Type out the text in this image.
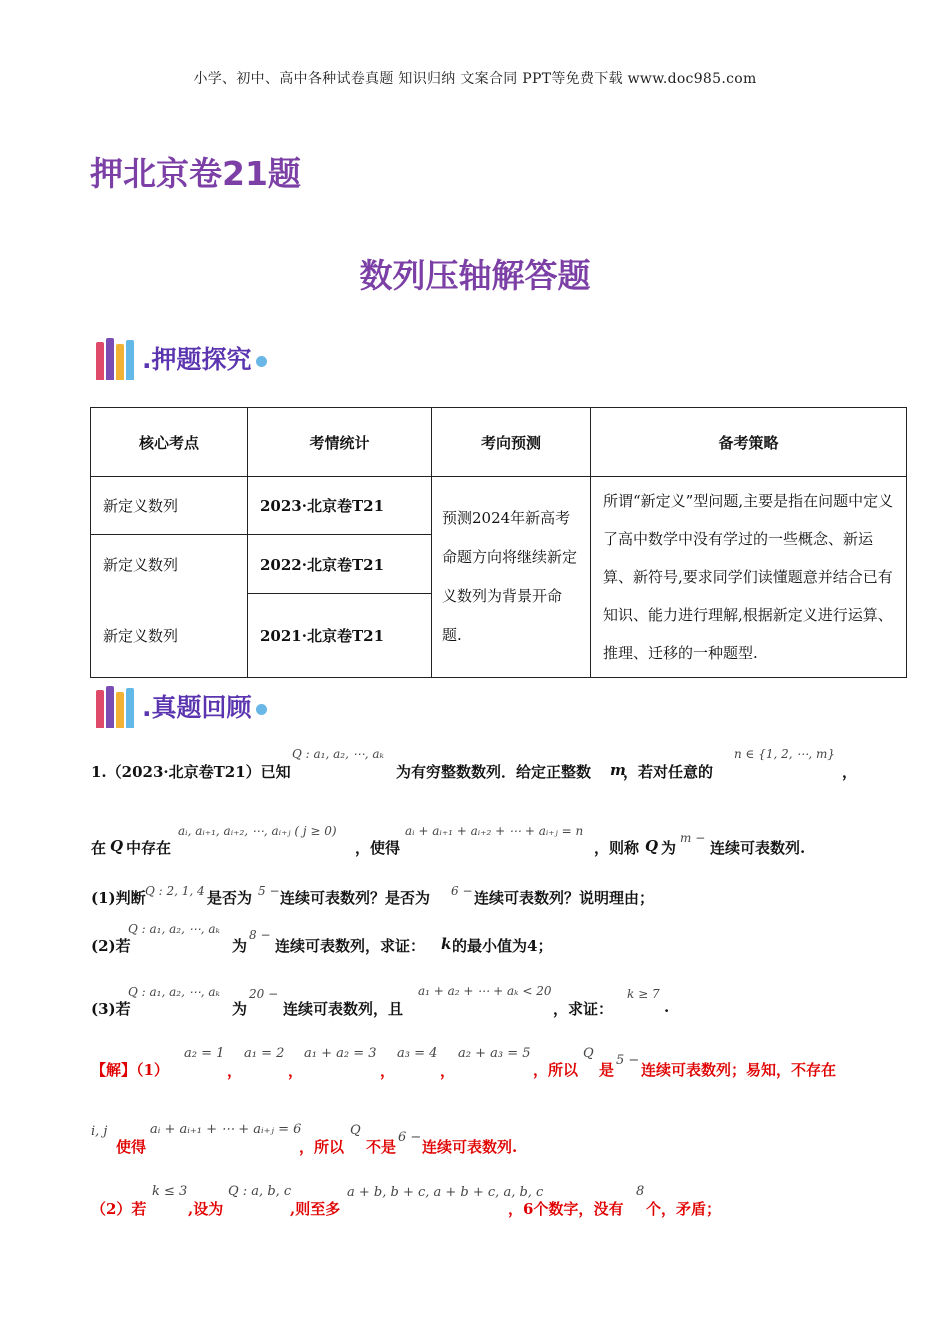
小学、初中、高中各种试卷真题 知识归纳 文案合同 PPT等免费下载 www.doc985.com
押北京卷21题
数列压轴解答题
.押题探究
核心考点	考情统计	考向预测	备考策略
新定义数列	2023·北京卷T21	预测2024年新高考命题方向将继续新定义数列为背景开命题.	所谓“新定义”型问题,主要是指在问题中定义了高中数学中没有学过的一些概念、新运算、新符号,要求同学们读懂题意并结合已有知识、能力进行理解,根据新定义进行运算、推理、迁移的一种题型.
新定义数列	2022·北京卷T21		
新定义数列	2021·北京卷T21		
.真题回顾
1.（2023·北京卷T21）已知
Q : a₁, a₂, ⋯, aₖ
为有穷整数数列．给定正整数 m
，若对任意的
n ∈ {1, 2, ⋯, m}
，
在 Q 中存在
aᵢ, aᵢ₊₁, aᵢ₊₂, ⋯, aᵢ₊ⱼ ( j ≥ 0)
，使得
aᵢ + aᵢ₊₁ + aᵢ₊₂ + ⋯ + aᵢ₊ⱼ = n
，则称 Q 为
m −
连续可表数列.
(1)判断 Q : 2, 1, 4 是否为 5 − 连续可表数列？是否为 6 − 连续可表数列？说明理由；
(2)若
Q : a₁, a₂, ⋯, aₖ
为
8 −
连续可表数列，求证： k 的最小值为4；
(3)若
Q : a₁, a₂, ⋯, aₖ
为
20 −
连续可表数列，且
a₁ + a₂ + ⋯ + aₖ < 20
，求证：
k ≥ 7
.
【解】（1）
a₂ = 1
，
a₁ = 2
，
a₁ + a₂ = 3
，
a₃ = 4
，
a₂ + a₃ = 5
，所以
Q
是
5 −
连续可表数列；易知，不存在
i, j
使得
aᵢ + aᵢ₊₁ + ⋯ + aᵢ₊ⱼ = 6
，所以
Q
不是
6 −
连续可表数列.
（2）若
k ≤ 3
,设为
Q : a, b, c
,则至多
a + b, b + c, a + b + c, a, b, c
，6个数字，没有
8
个，矛盾；
